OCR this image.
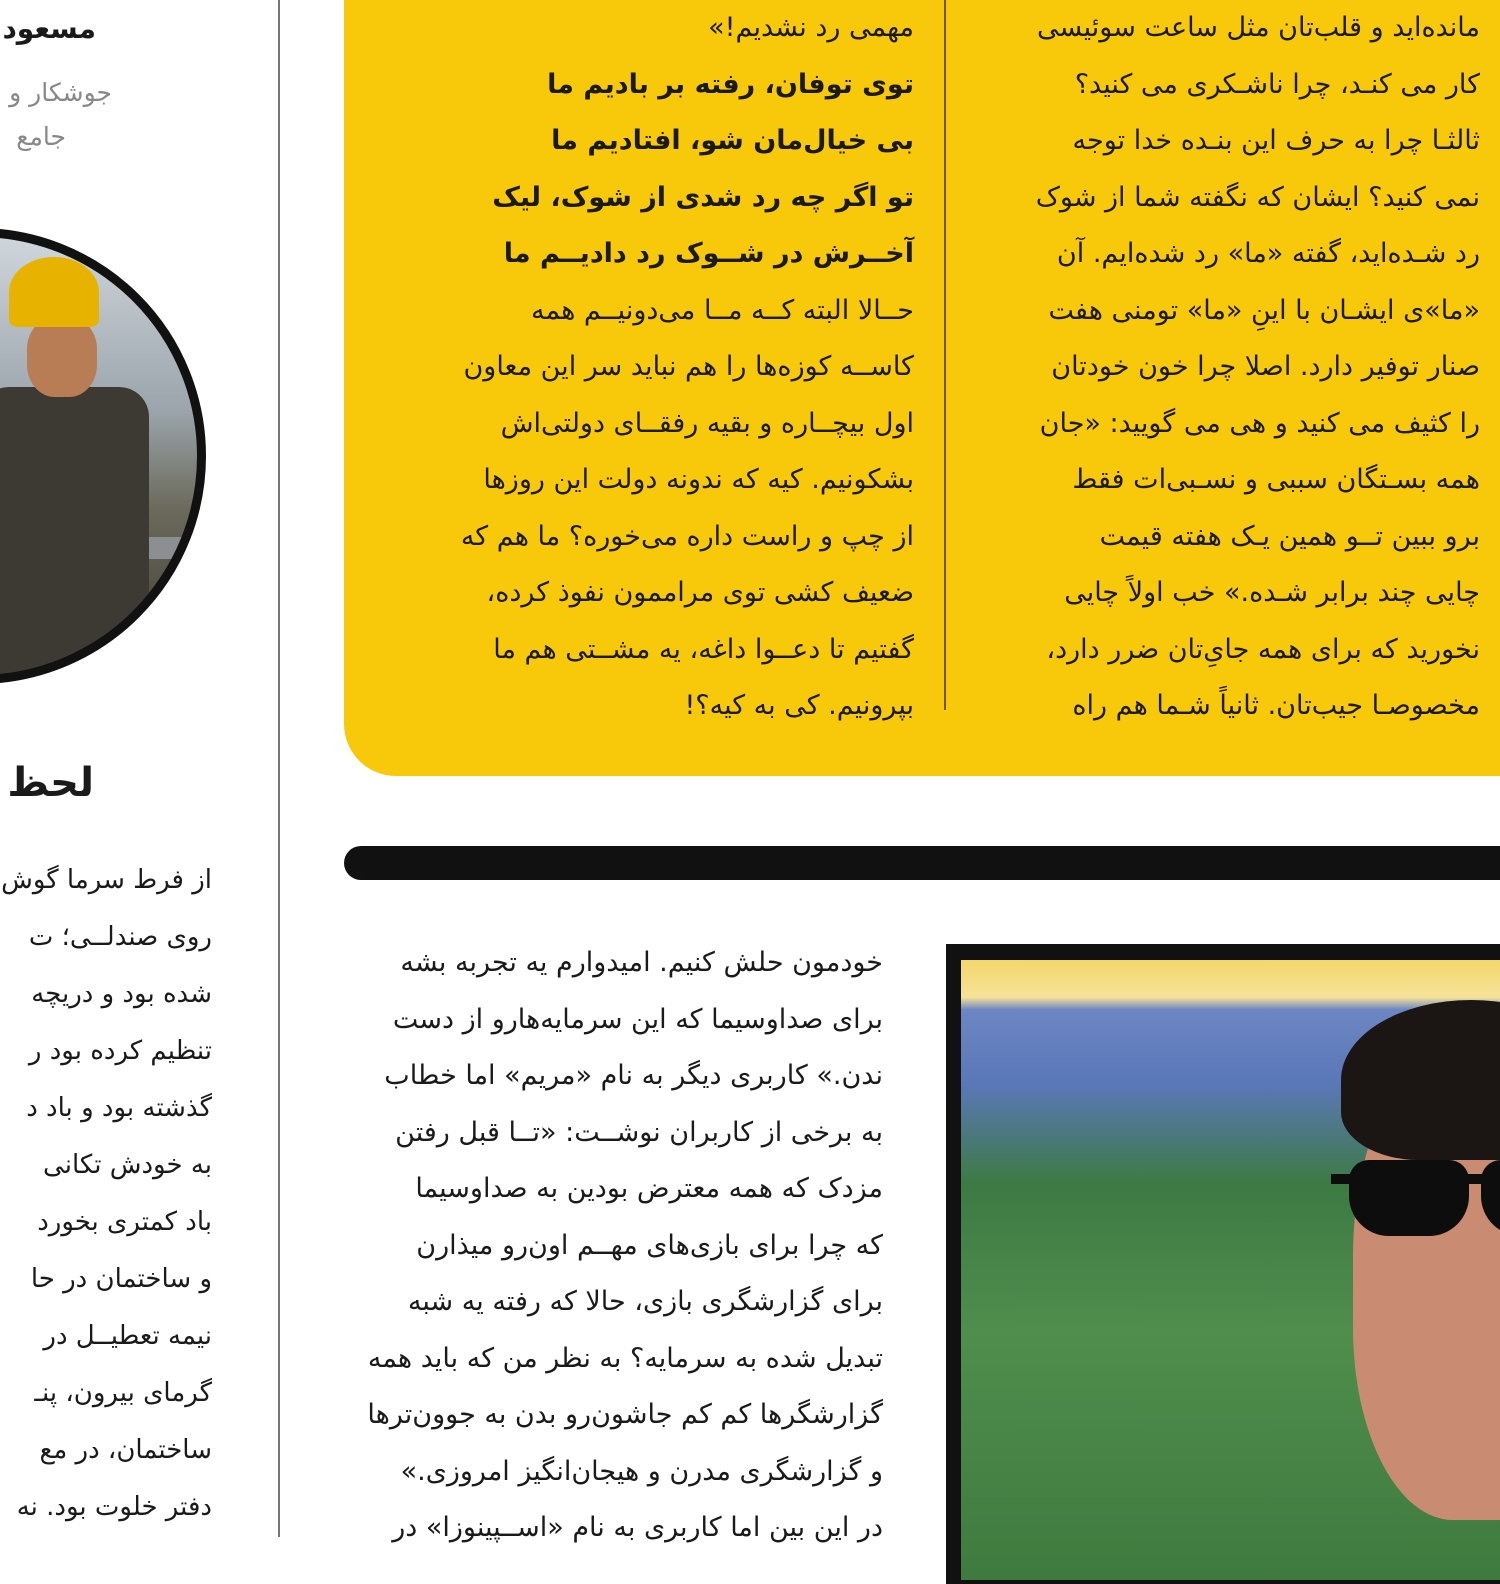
مسعود
جوشکار و
جامع
لحظ
از فرط سرما گوش
روی صندلــی؛ ت
شده بود و دریچه
تنظیم کرده بود ر
گذشته بود و باد د
به خودش تکانی
باد کمتری بخورد
و ساختمان در حا
نیمه تعطیــل در
گرمای بیرون، پنـ
ساختمان، در مع
دفتر خلوت بود. نه
مانده‌اید و قلب‌تان مثل ساعت سوئیسی
کار می کنـد، چرا ناشـکری می کنید؟
ثالثـا چرا به حرف این بنـده خدا توجه
نمی کنید؟ ایشان که نگفته شما از شوک
رد شـده‌اید، گفته «ما» رد شده‌ایم. آن
«ما»ی ایشـان با اینِ «ما» تومنی هفت
صنار توفیر دارد. اصلا چرا خون خودتان
را کثیف می کنید و هی می گویید: «جان
همه بسـتگان سببی و نسـبی‌ات فقط
برو ببین تــو همین یـک هفته قیمت
چایی چند برابر شـده.» خب اولاً چایی
نخورید که برای همه جایِ‌تان ضرر دارد،
مخصوصـا جیب‌تان. ثانیاً شـما هم راه
مهمی رد نشدیم!»
توی توفان، رفته بر بادیم ما
بی خیال‌مان شو، افتادیم ما
تو اگر چه رد شدی از شوک، لیک
آخــرش در شــوک رد دادیــم ما
حــالا البته کــه مــا می‌دونیــم همه
کاســه کوزه‌ها را هم نباید سر این معاون
اول بیچــاره و بقیه رفقــای دولتی‌اش
بشکونیم. کیه که ندونه دولت این روزها
از چپ و راست داره می‌خوره؟ ما هم که
ضعیف کشی توی مراممون نفوذ کرده،
گفتیم تا دعــوا داغه، یه مشــتی هم ما
بپرونیم. کی به کیه؟!
خودمون حلش کنیم. امیدوارم یه تجربه بشه
برای صداوسیما که این سرمایه‌هارو از دست
ندن.» کاربری دیگر به نام «مریم» اما خطاب
به برخی از کاربران نوشــت: «تــا قبل رفتن
مزدک که همه معترض بودین به صداوسیما
که چرا برای بازی‌های مهــم اون‌رو میذارن
برای گزارشگری بازی، حالا که رفته یه شبه
تبدیل شده به سرمایه؟ به نظر من که باید همه
گزارشگرها کم کم جاشون‌رو بدن به جوون‌ترها
و گزارشگری مدرن و هیجان‌انگیز امروزی.»
در این بین اما کاربری به نام «اســپینوزا» در
